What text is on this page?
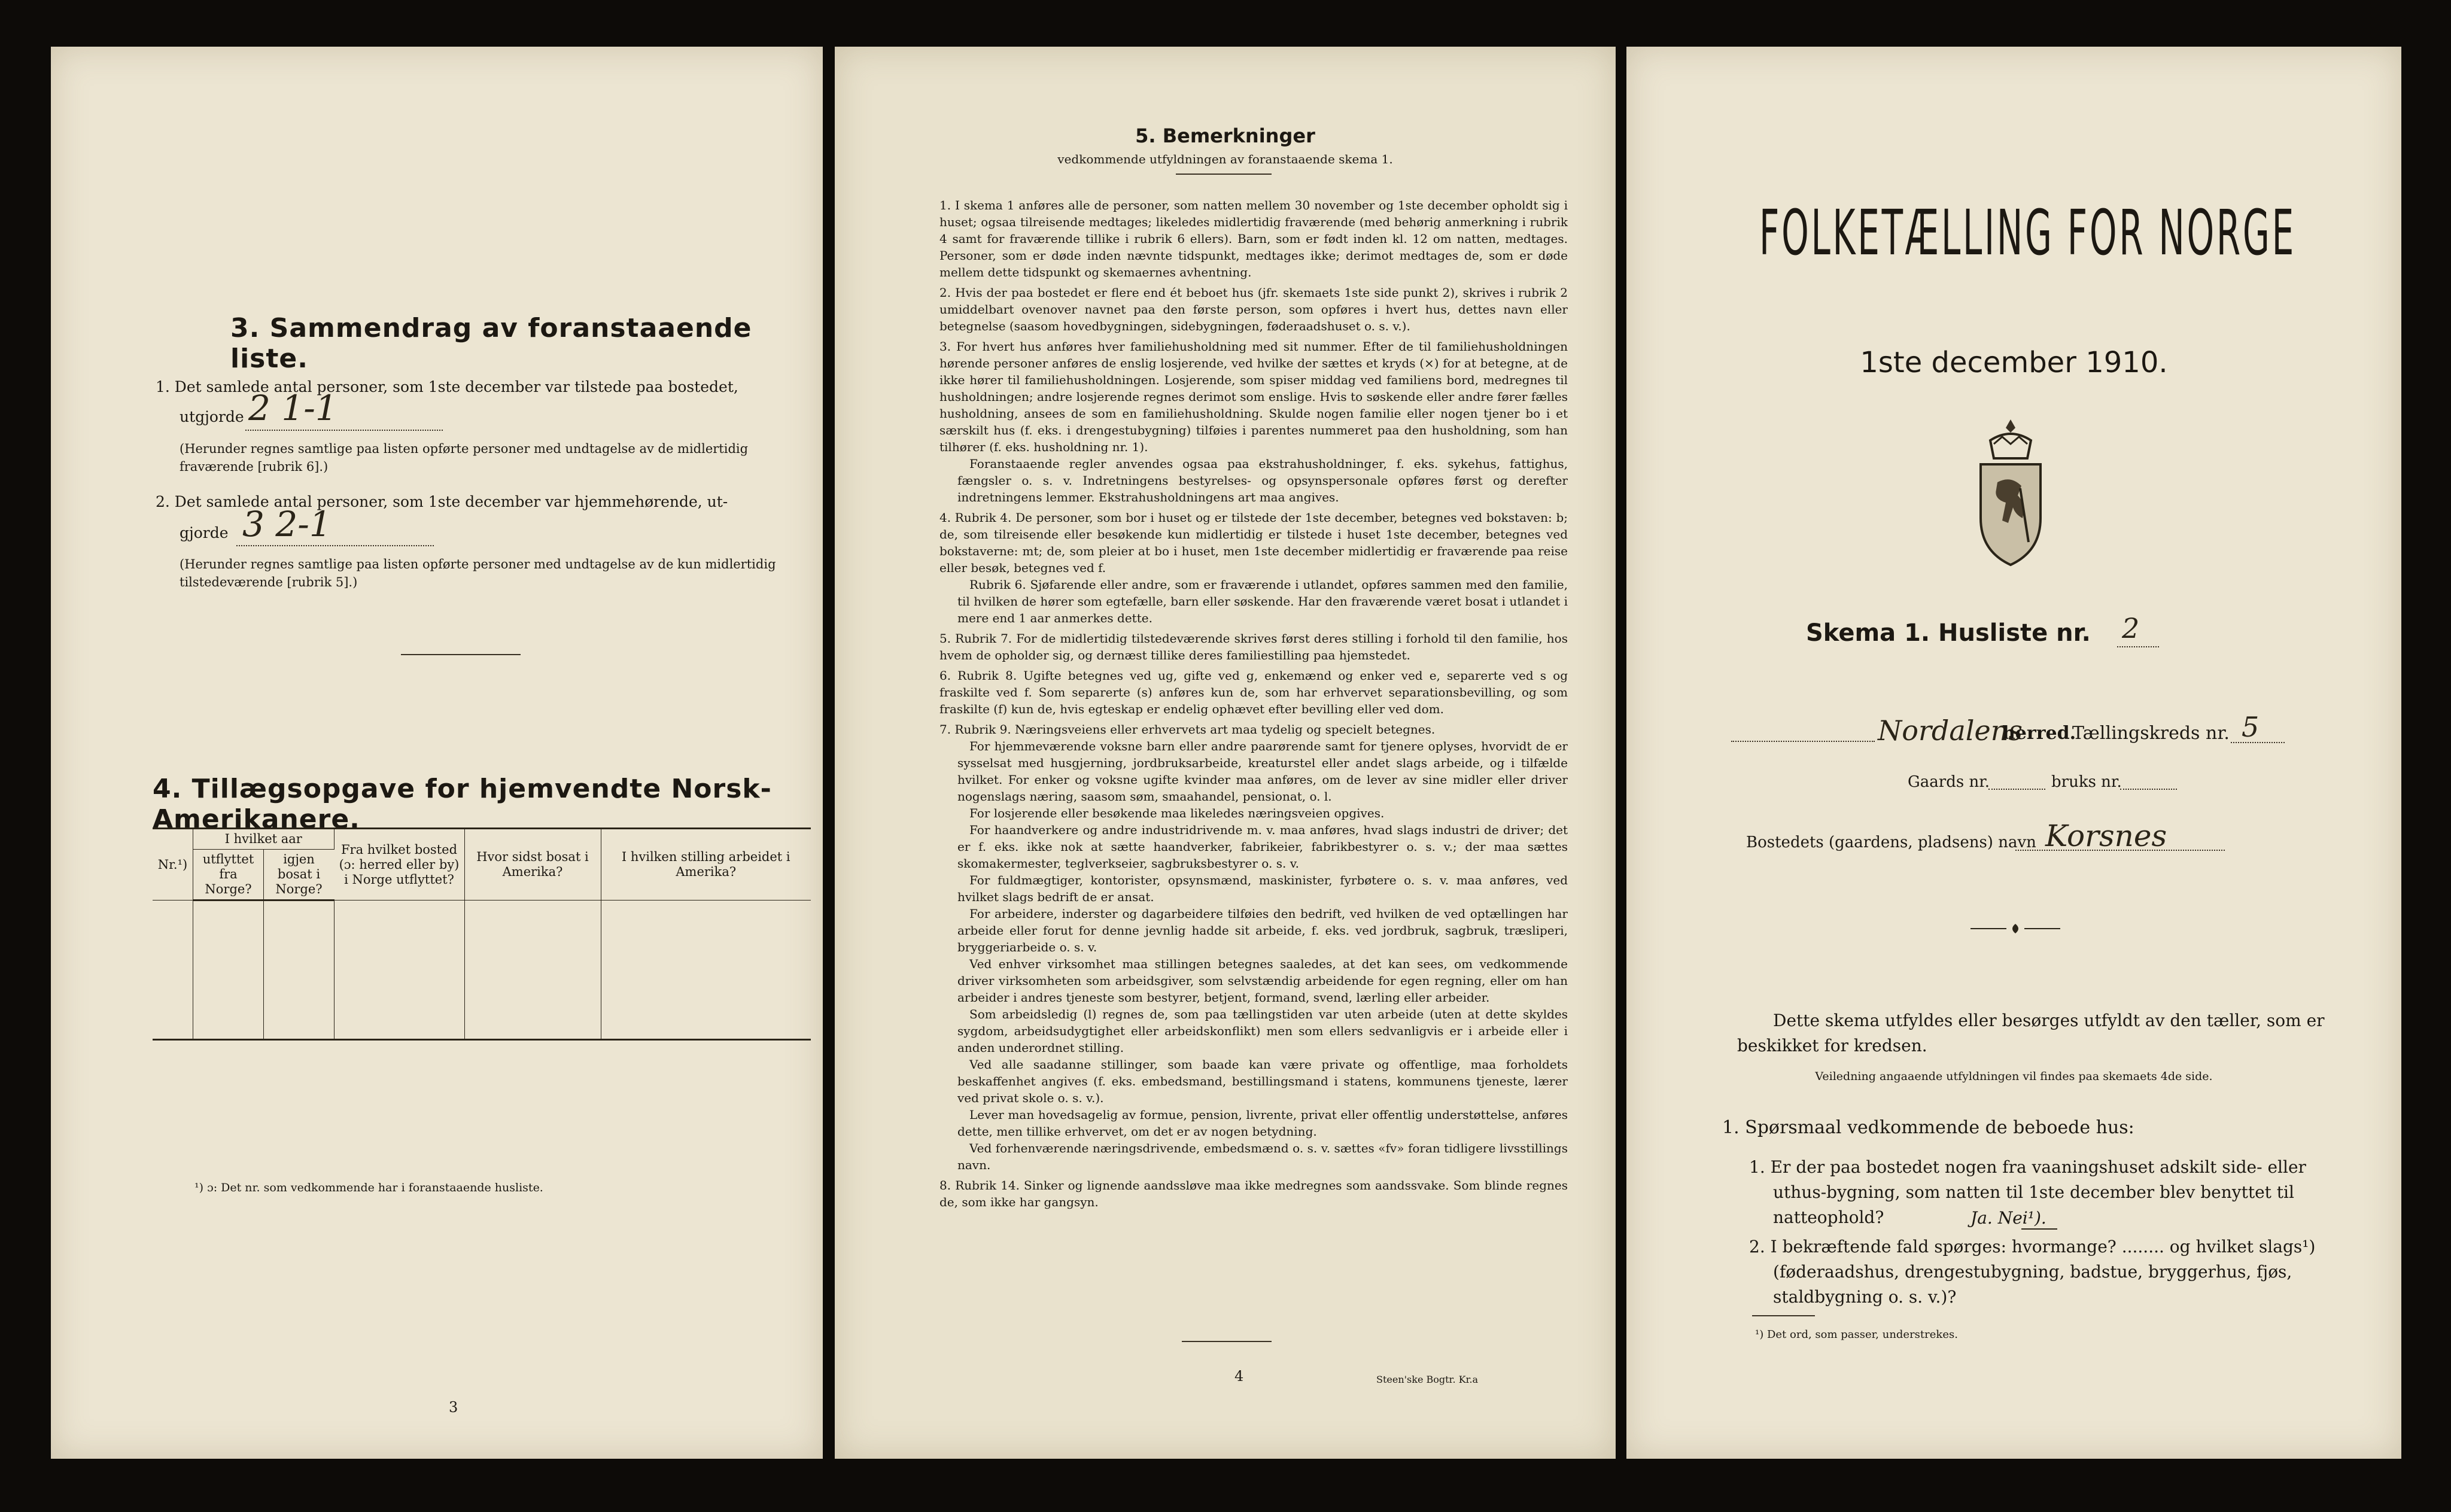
3. Sammendrag av foranstaaende liste.
1. Det samlede antal personer, som 1ste december var tilstede paa bostedet,
utgjorde 2 1-1
(Herunder regnes samtlige paa listen opførte personer med undtagelse av de midlertidig fraværende [rubrik 6].)
2. Det samlede antal personer, som 1ste december var hjemmehørende, ut-
gjorde 3 2-1
(Herunder regnes samtlige paa listen opførte personer med undtagelse av de kun midlertidig tilstedeværende [rubrik 5].)
4. Tillægsopgave for hjemvendte Norsk-Amerikanere.
Nr.¹)	I hvilket aar		Fra hvilket bosted (ɔ: herred eller by) i Norge utflyttet?	Hvor sidst bosat i Amerika?	I hvilken stilling arbeidet i Amerika?
	utflyttet fra Norge?	igjen bosat i Norge?			

¹) ɔ: Det nr. som vedkommende har i foranstaaende husliste.
3
5. Bemerkninger
vedkommende utfyldningen av foranstaaende skema 1.

1. I skema 1 anføres alle de personer, som natten mellem 30 november og 1ste december opholdt sig i huset; ogsaa tilreisende medtages; likeledes midlertidig fraværende (med behørig anmerkning i rubrik 4 samt for fraværende tillike i rubrik 6 ellers). Barn, som er født inden kl. 12 om natten, medtages. Personer, som er døde inden nævnte tidspunkt, medtages ikke; derimot medtages de, som er døde mellem dette tidspunkt og skemaernes avhentning.

2. Hvis der paa bostedet er flere end ét beboet hus (jfr. skemaets 1ste side punkt 2), skrives i rubrik 2 umiddelbart ovenover navnet paa den første person, som opføres i hvert hus, dettes navn eller betegnelse (saasom hovedbygningen, sidebygningen, føderaadshuset o. s. v.).

3. For hvert hus anføres hver familiehusholdning med sit nummer. Efter de til familiehusholdningen hørende personer anføres de enslig losjerende, ved hvilke der sættes et kryds (×) for at betegne, at de ikke hører til familiehusholdningen. Losjerende, som spiser middag ved familiens bord, medregnes til husholdningen; andre losjerende regnes derimot som enslige. Hvis to søskende eller andre fører fælles husholdning, ansees de som en familiehusholdning. Skulde nogen familie eller nogen tjener bo i et særskilt hus (f. eks. i drengestubygning) tilføies i parentes nummeret paa den husholdning, som han tilhører (f. eks. husholdning nr. 1).

Foranstaaende regler anvendes ogsaa paa ekstrahusholdninger, f. eks. sykehus, fattighus, fængsler o. s. v. Indretningens bestyrelses- og opsynspersonale opføres først og derefter indretningens lemmer. Ekstrahusholdningens art maa angives.

4. Rubrik 4. De personer, som bor i huset og er tilstede der 1ste december, betegnes ved bokstaven: b; de, som tilreisende eller besøkende kun midlertidig er tilstede i huset 1ste december, betegnes ved bokstaverne: mt; de, som pleier at bo i huset, men 1ste december midlertidig er fraværende paa reise eller besøk, betegnes ved f.

Rubrik 6. Sjøfarende eller andre, som er fraværende i utlandet, opføres sammen med den familie, til hvilken de hører som egtefælle, barn eller søskende. Har den fraværende været bosat i utlandet i mere end 1 aar anmerkes dette.

5. Rubrik 7. For de midlertidig tilstedeværende skrives først deres stilling i forhold til den familie, hos hvem de opholder sig, og dernæst tillike deres familiestilling paa hjemstedet.

6. Rubrik 8. Ugifte betegnes ved ug, gifte ved g, enkemænd og enker ved e, separerte ved s og fraskilte ved f. Som separerte (s) anføres kun de, som har erhvervet separationsbevilling, og som fraskilte (f) kun de, hvis egteskap er endelig ophævet efter bevilling eller ved dom.

7. Rubrik 9. Næringsveiens eller erhvervets art maa tydelig og specielt betegnes.

For hjemmeværende voksne barn eller andre paarørende samt for tjenere oplyses, hvorvidt de er sysselsat med husgjerning, jordbruksarbeide, kreaturstel eller andet slags arbeide, og i tilfælde hvilket. For enker og voksne ugifte kvinder maa anføres, om de lever av sine midler eller driver nogenslags næring, saasom søm, smaahandel, pensionat, o. l.

For losjerende eller besøkende maa likeledes næringsveien opgives.

For haandverkere og andre industridrivende m. v. maa anføres, hvad slags industri de driver; det er f. eks. ikke nok at sætte haandverker, fabrikeier, fabrikbestyrer o. s. v.; der maa sættes skomakermester, teglverkseier, sagbruksbestyrer o. s. v.

For fuldmægtiger, kontorister, opsynsmænd, maskinister, fyrbøtere o. s. v. maa anføres, ved hvilket slags bedrift de er ansat.

For arbeidere, inderster og dagarbeidere tilføies den bedrift, ved hvilken de ved optællingen har arbeide eller forut for denne jevnlig hadde sit arbeide, f. eks. ved jordbruk, sagbruk, træsliperi, bryggeriarbeide o. s. v.

Ved enhver virksomhet maa stillingen betegnes saaledes, at det kan sees, om vedkommende driver virksomheten som arbeidsgiver, som selvstændig arbeidende for egen regning, eller om han arbeider i andres tjeneste som bestyrer, betjent, formand, svend, lærling eller arbeider.

Som arbeidsledig (l) regnes de, som paa tællingstiden var uten arbeide (uten at dette skyldes sygdom, arbeidsudygtighet eller arbeidskonflikt) men som ellers sedvanligvis er i arbeide eller i anden underordnet stilling.

Ved alle saadanne stillinger, som baade kan være private og offentlige, maa forholdets beskaffenhet angives (f. eks. embedsmand, bestillingsmand i statens, kommunens tjeneste, lærer ved privat skole o. s. v.).

Lever man hovedsagelig av formue, pension, livrente, privat eller offentlig understøttelse, anføres dette, men tillike erhvervet, om det er av nogen betydning.

Ved forhenværende næringsdrivende, embedsmænd o. s. v. sættes «fv» foran tidligere livsstillings navn.

8. Rubrik 14. Sinker og lignende aandssløve maa ikke medregnes som aandssvake. Som blinde regnes de, som ikke har gangsyn.

4	Steen'ske Bogtr. Kr.a
FOLKETÆLLING FOR NORGE
1ste december 1910.
Skema 1. Husliste nr. 2
Nordalens
herred.
Tællingskreds nr. 5
Gaards nr.	bruks nr.
Bostedets (gaardens, pladsens) navn Korsnes
Dette skema utfyldes eller besørges utfyldt av den tæller, som er beskikket for kredsen.
Veiledning angaaende utfyldningen vil findes paa skemaets 4de side.
1. Spørsmaal vedkommende de beboede hus:
1. Er der paa bostedet nogen fra vaaningshuset adskilt side- eller uthus-bygning, som natten til 1ste december blev benyttet til natteophold?	Ja. Nei¹).
2. I bekræftende fald spørges: hvormange? ........ og hvilket slags¹) (føderaadshus, drengestubygning, badstue, bryggerhus, fjøs, staldbygning o. s. v.)?
¹) Det ord, som passer, understrekes.
